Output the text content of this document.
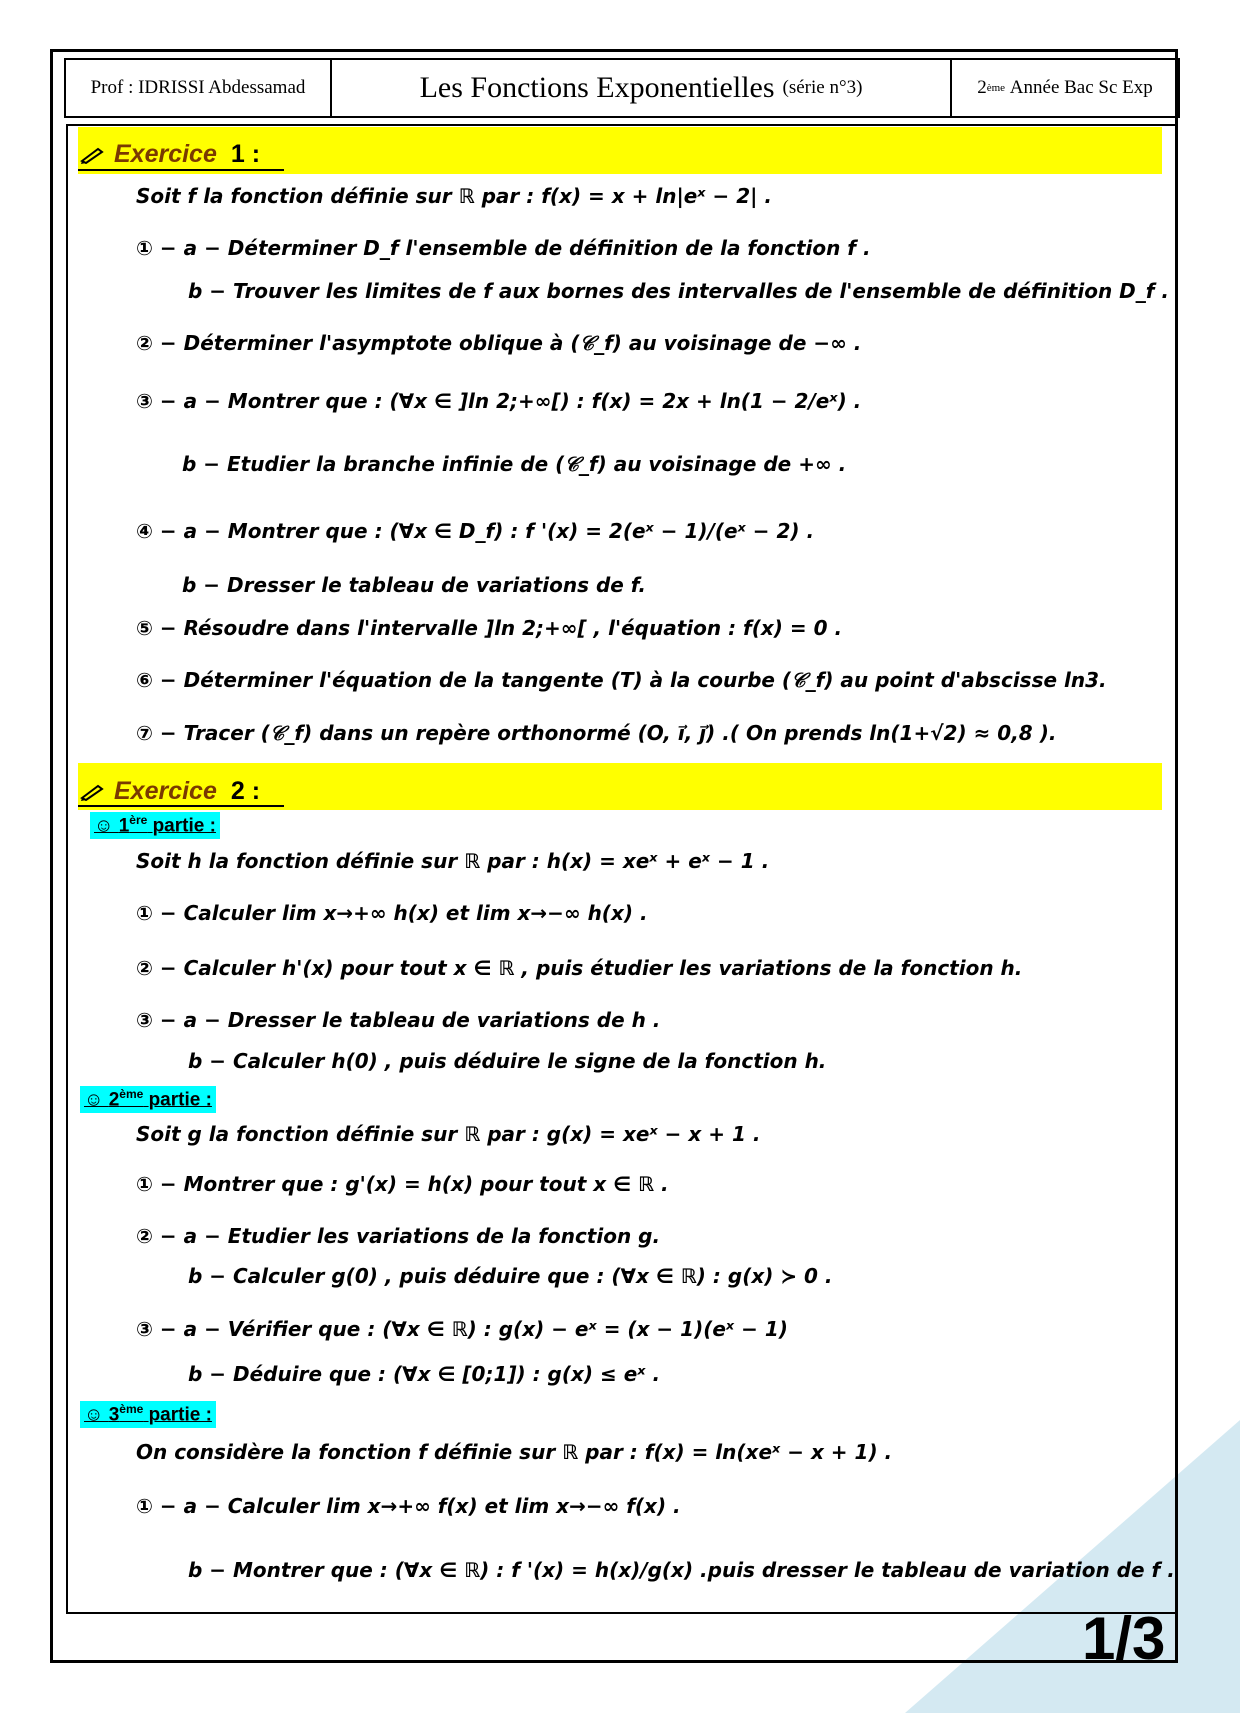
Prof : IDRISSI Abdessamad	Les Fonctions Exponentielles (série n°3)	2 ème
Année Bac Sc Exp
Exercice 1 :
Soit f la fonction définie sur ℝ par : f(x) = x + ln|eˣ − 2| .
① − a − Déterminer D_f l'ensemble de définition de la fonction f .
b − Trouver les limites de f aux bornes des intervalles de l'ensemble de définition D_f .
② − Déterminer l'asymptote oblique à (𝒞_f) au voisinage de −∞ .
③ − a − Montrer que : (∀x ∈ ]ln 2;+∞[) : f(x) = 2x + ln(1 − 2/eˣ) .
b − Etudier la branche infinie de (𝒞_f) au voisinage de +∞ .
④ − a − Montrer que : (∀x ∈ D_f) : f '(x) = 2(eˣ − 1)/(eˣ − 2) .
b − Dresser le tableau de variations de f.
⑤ − Résoudre dans l'intervalle ]ln 2;+∞[ , l'équation : f(x) = 0 .
⑥ − Déterminer l'équation de la tangente (T) à la courbe (𝒞_f) au point d'abscisse ln3.
⑦ − Tracer (𝒞_f) dans un repère orthonormé (O, i⃗, j⃗) .( On prends ln(1+√2) ≈ 0,8 ).
Exercice 2 :
☺ 1ère partie :
Soit h la fonction définie sur ℝ par : h(x) = xeˣ + eˣ − 1 .
① − Calculer lim x→+∞ h(x) et lim x→−∞ h(x) .
② − Calculer h'(x) pour tout x ∈ ℝ , puis étudier les variations de la fonction h.
③ − a − Dresser le tableau de variations de h .
b − Calculer h(0) , puis déduire le signe de la fonction h.
☺ 2ème partie :
Soit g la fonction définie sur ℝ par : g(x) = xeˣ − x + 1 .
① − Montrer que : g'(x) = h(x) pour tout x ∈ ℝ .
② − a − Etudier les variations de la fonction g.
b − Calculer g(0) , puis déduire que : (∀x ∈ ℝ) : g(x) ≻ 0 .
③ − a − Vérifier que : (∀x ∈ ℝ) : g(x) − eˣ = (x − 1)(eˣ − 1)
b − Déduire que : (∀x ∈ [0;1]) : g(x) ≤ eˣ .
☺ 3ème partie :
On considère la fonction f définie sur ℝ par : f(x) = ln(xeˣ − x + 1) .
① − a − Calculer lim x→+∞ f(x) et lim x→−∞ f(x) .
b − Montrer que : (∀x ∈ ℝ) : f '(x) = h(x)/g(x) .puis dresser le tableau de variation de f .
1/3
